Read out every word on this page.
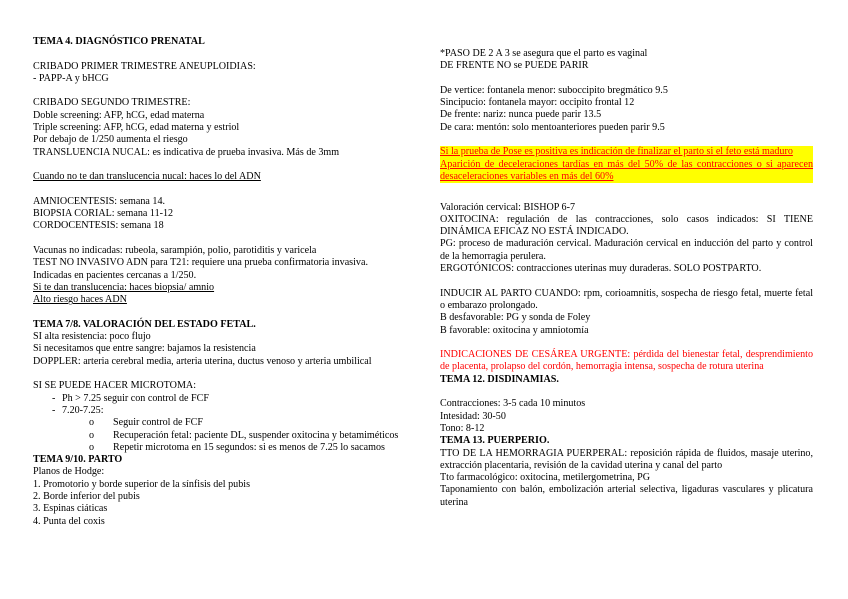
TEMA 4. DIAGNÓSTICO PRENATAL
CRIBADO PRIMER TRIMESTRE ANEUPLOIDIAS:
- PAPP-A y bHCG
CRIBADO SEGUNDO TRIMESTRE:
Doble screening: AFP, hCG, edad materna
Triple screening: AFP, hCG, edad materna y estriol
Por debajo de 1/250 aumenta el riesgo
TRANSLUENCIA NUCAL: es indicativa de prueba invasiva. Más de 3mm
Cuando no te dan translucencia nucal: haces lo del ADN
AMNIOCENTESIS: semana 14.
BIOPSIA CORIAL: semana 11-12
CORDOCENTESIS: semana 18
Vacunas no indicadas: rubeola, sarampión, polio, parotiditis y varicela
TEST NO INVASIVO ADN para T21: requiere una prueba confirmatoria invasiva.
Indicadas en pacientes cercanas a 1/250.
Si te dan translucencia: haces biopsia/ amnio
Alto riesgo haces ADN
TEMA 7/8. VALORACIÓN DEL ESTADO FETAL.
SI alta resistencia: poco flujo
Si necesitamos que entre sangre: bajamos la resistencia
DOPPLER: arteria cerebral media, arteria uterina, ductus venoso y arteria umbilical
SI SE PUEDE HACER MICROTOMA:
- Ph > 7.25 seguir con control de FCF
- 7.20-7.25:
o Seguir control de FCF
o Recuperación fetal: paciente DL, suspender oxitocina y betamiméticos
o Repetir microtoma en 15 segundos: si es menos de 7.25 lo sacamos
TEMA 9/10. PARTO
Planos de Hodge:
1. Promotorio y borde superior de la sínfisis del pubis
2. Borde inferior del pubis
3. Espinas ciáticas
4. Punta del coxis
*PASO DE 2 A 3 se asegura que el parto es vaginal
DE FRENTE NO se PUEDE PARIR
De vertice: fontanela menor: suboccipito bregmático 9.5
Sincipucio: fontanela mayor: occipito frontal 12
De frente: nariz: nunca puede parir 13.5
De cara: mentón: solo mentoanteriores pueden parir 9.5
Si la prueba de Pose es positiva es indicación de finalizar el parto si el feto está maduro
Aparición de deceleraciones tardías en más del 50% de las contracciones o si aparecen desaceleraciones variables en más del 60%
Valoración cervical: BISHOP 6-7
OXITOCINA: regulación de las contracciones, solo casos indicados: SI TIENE DINÁMICA EFICAZ NO ESTÁ INDICADO.
PG: proceso de maduración cervical. Maduración cervical en inducción del parto y control de la hemorragia perulera.
ERGOTÓNICOS: contracciones uterinas muy duraderas. SOLO POSTPARTO.
INDUCIR AL PARTO CUANDO: rpm, corioamnitis, sospecha de riesgo fetal, muerte fetal o embarazo prolongado.
B desfavorable: PG y sonda de Foley
B favorable: oxitocina y amniotomía
INDICACIONES DE CESÁREA URGENTE: pérdida del bienestar fetal, desprendimiento de placenta, prolapso del cordón, hemorragia intensa, sospecha de rotura uterina
TEMA 12. DISDINAMIAS.
Contracciones: 3-5 cada 10 minutos
Intesidad: 30-50
Tono: 8-12
TEMA 13. PUERPERIO.
TTO DE LA HEMORRAGIA PUERPERAL: reposición rápida de fluidos, masaje uterino, extracción placentaria, revisión de la cavidad uterina y canal del parto
Tto farmacológico: oxitocina, metilergometrina, PG
Taponamiento con balón, embolización arterial selectiva, ligaduras vasculares y plicatura uterina
